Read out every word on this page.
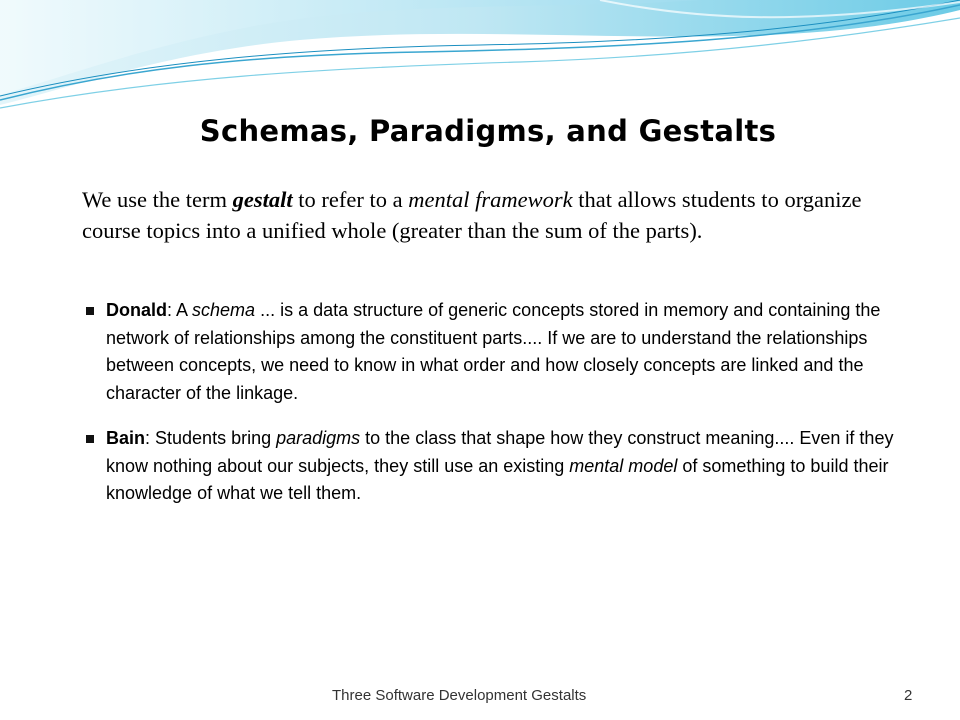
Schemas, Paradigms, and Gestalts
We use the term gestalt to refer to a mental framework that allows students to organize course topics into a unified whole (greater than the sum of the parts).
Donald: A schema ... is a data structure of generic concepts stored in memory and containing the network of relationships among the constituent parts.... If we are to understand the relationships between concepts, we need to know in what order and how closely concepts are linked and the character of the linkage.
Bain: Students bring paradigms to the class that shape how they construct meaning.... Even if they know nothing about our subjects, they still use an existing mental model of something to build their knowledge of what we tell them.
Three Software Development Gestalts	2
